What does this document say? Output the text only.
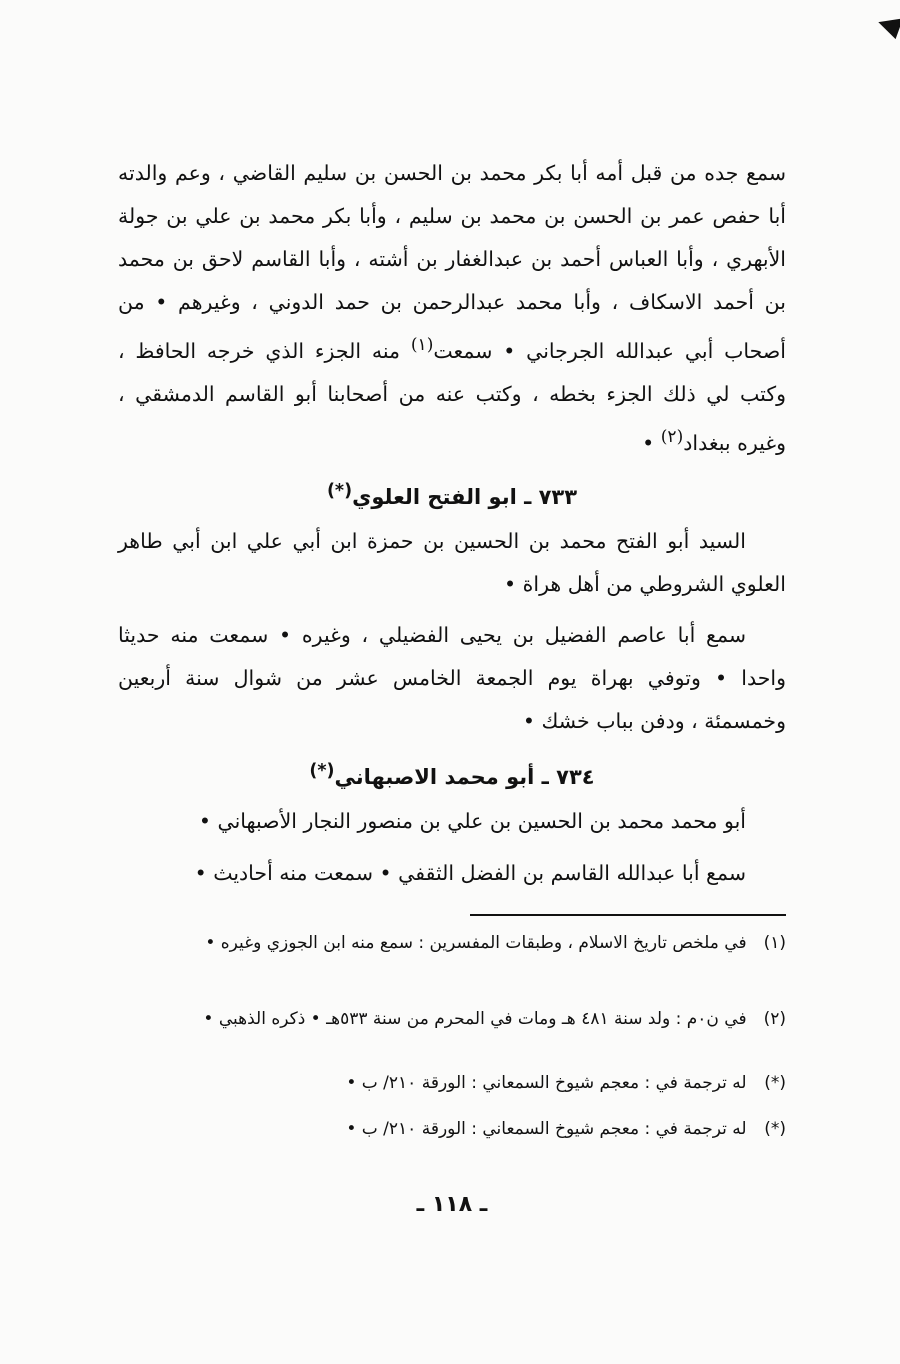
سمع جده من قبل أمه أبا بكر محمد بن الحسن بن سليم القاضي ، وعم والدته أبا حفص عمر بن الحسن بن محمد بن سليم ، وأبا بكر محمد بن علي بن جولة الأبهري ، وأبا العباس أحمد بن عبدالغفار بن أشته ، وأبا القاسم لاحق بن محمد بن أحمد الاسكاف ، وأبا محمد عبدالرحمن بن حمد الدوني ، وغيرهم • من أصحاب أبي عبدالله الجرجاني • سمعت$^{(١)}$ منه الجزء الذي خرجه الحافظ ، وكتب لي ذلك الجزء بخطه ، وكتب عنه من أصحابنا أبو القاسم الدمشقي ، وغيره ببغداد$^{(٢)}$ •
٧٣٣ ـ ابو الفتح العلوي(*)
السيد أبو الفتح محمد بن الحسين بن حمزة ابن أبي علي ابن أبي طاهر العلوي الشروطي من أهل هراة •
سمع أبا عاصم الفضيل بن يحيى الفضيلي ، وغيره • سمعت منه حديثا واحدا • وتوفي بهراة يوم الجمعة الخامس عشر من شوال سنة أربعين وخمسمئة ، ودفن بباب خشك •
٧٣٤ ـ أبو محمد الاصبهاني(*)
أبو محمد محمد بن الحسين بن علي بن منصور النجار الأصبهاني •
سمع أبا عبدالله القاسم بن الفضل الثقفي • سمعت منه أحاديث •
(١) في ملخص تاريخ الاسلام ، وطبقات المفسرين : سمع منه ابن الجوزي وغيره •
(٢) في ن٠م : ولد سنة ٤٨١ هـ ومات في المحرم من سنة ٥٣٣هـ • ذكره الذهبي •
(*) له ترجمة في : معجم شيوخ السمعاني : الورقة ٢١٠/ ب •
(*) له ترجمة في : معجم شيوخ السمعاني : الورقة ٢١٠/ ب •
ـ ١١٨ ـ
